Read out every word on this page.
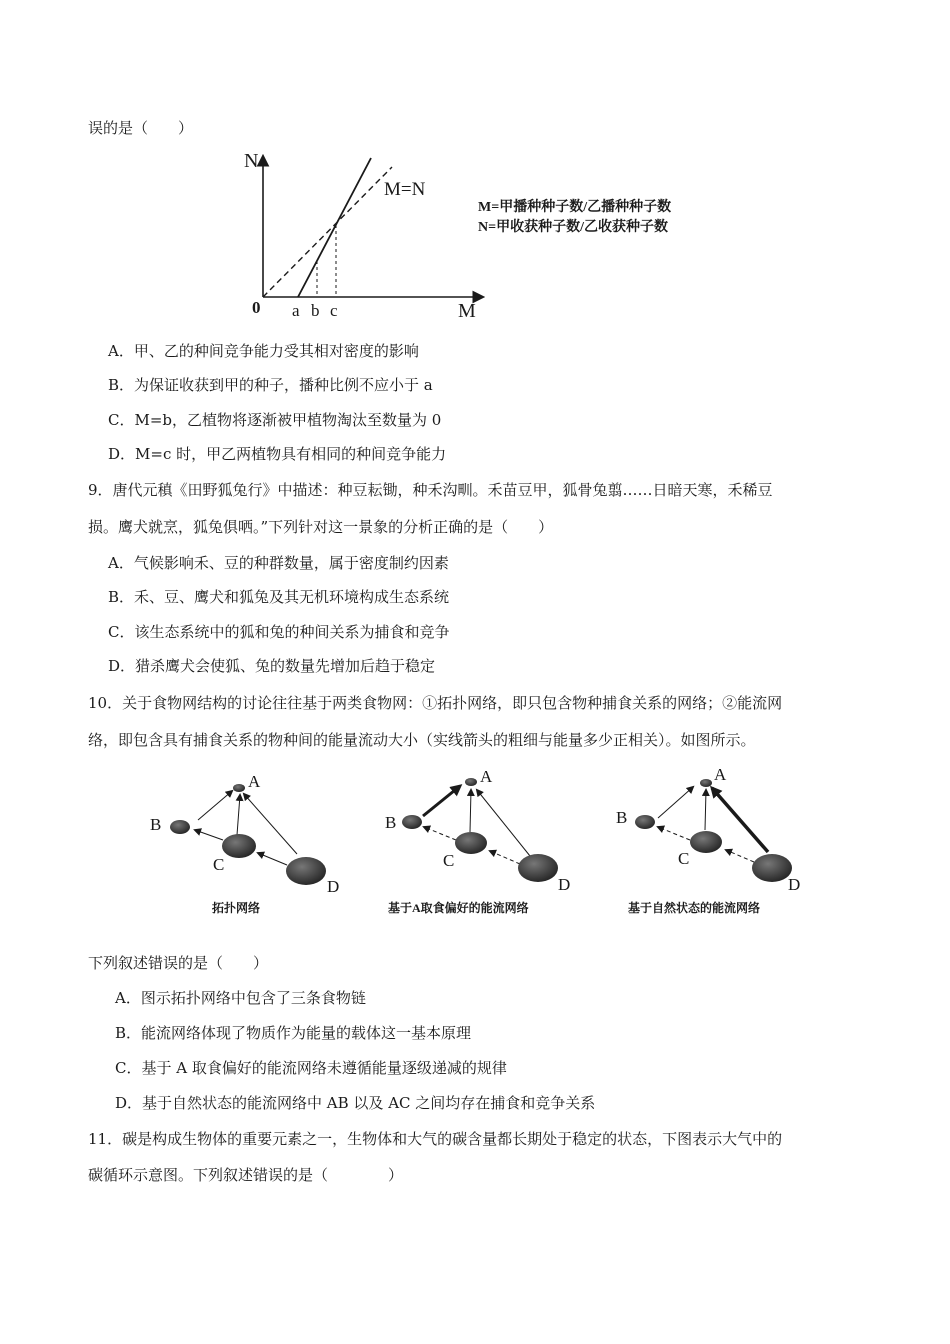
误的是（　　）
N
M
0
M=N
a b c
M=甲播种种子数/乙播种种子数
N=甲收获种子数/乙收获种子数
A．甲、乙的种间竞争能力受其相对密度的影响
B．为保证收获到甲的种子，播种比例不应小于 a
C．M=b，乙植物将逐渐被甲植物淘汰至数量为 0
D．M=c 时，甲乙两植物具有相同的种间竞争能力
9．唐代元稹《田野狐兔行》中描述：种豆耘锄，种禾沟甽。禾苗豆甲，狐骨兔翦……日暗天寒，禾稀豆
损。鹰犬就烹，狐兔俱哂。”下列针对这一景象的分析正确的是（　　）
A．气候影响禾、豆的种群数量，属于密度制约因素
B．禾、豆、鹰犬和狐兔及其无机环境构成生态系统
C．该生态系统中的狐和兔的种间关系为捕食和竞争
D．猎杀鹰犬会使狐、兔的数量先增加后趋于稳定
10．关于食物网结构的讨论往往基于两类食物网：①拓扑网络，即只包含物种捕食关系的网络；②能流网
络，即包含具有捕食关系的物种间的能量流动大小（实线箭头的粗细与能量多少正相关）。如图所示。
A
B
C
D
拓扑网络
A
B
C
D
基于A取食偏好的能流网络
A
B
C
D
基于自然状态的能流网络
下列叙述错误的是（　　）
A．图示拓扑网络中包含了三条食物链
B．能流网络体现了物质作为能量的载体这一基本原理
C．基于 A 取食偏好的能流网络未遵循能量逐级递减的规律
D．基于自然状态的能流网络中 AB 以及 AC 之间均存在捕食和竞争关系
11．碳是构成生物体的重要元素之一，生物体和大气的碳含量都长期处于稳定的状态，下图表示大气中的
碳循环示意图。下列叙述错误的是（　　　　）
